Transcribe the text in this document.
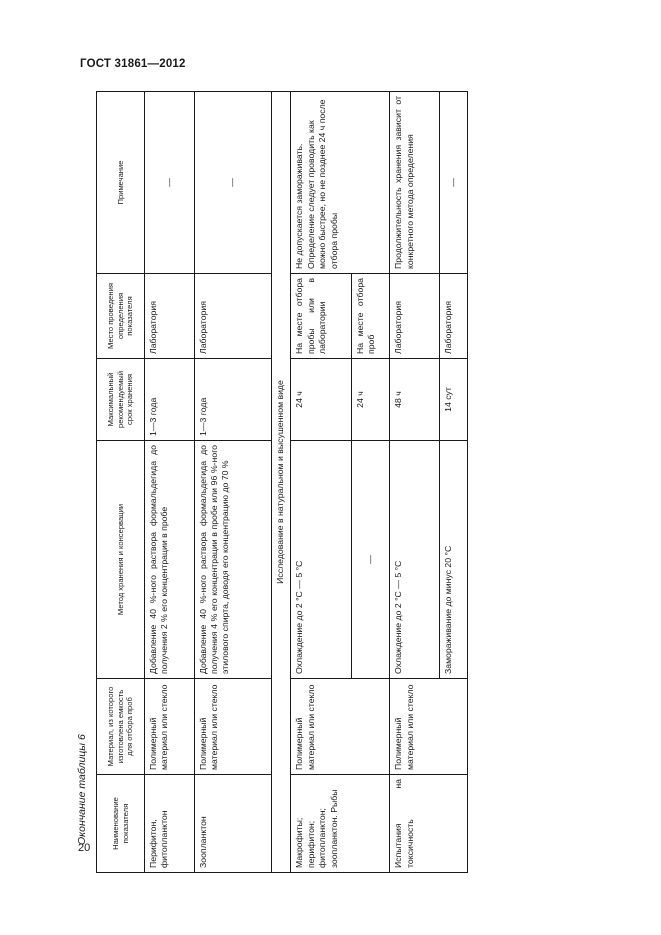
ГОСТ 31861—2012
20
Окончание таблицы 6	Наименование показателя	Материал, из которого изготовлена емкость для отбора проб	Метод хранения и консервации	Максимальный рекомендуемый срок хранения	Место проведения определения показателя	Примечание
Перифитон, фитопланктон	Полимерный материал или стекло	Добавление 40 %-ного раствора формальдегида до получения 2 % его концентрации в пробе	1—3 года	Лаборатория	—
Зоопланктон	Полимерный материал или стекло	Добавление 40 %-ного раствора формальдегида до получения 4 % его концентрации в пробе или 96 %-ного этилового спирта, доводя его концентрацию до 70 %	1—3 года	Лаборатория	—
Исследование в натуральном и высушенном виде					
Макрофиты; перифитон; фитопланктон; зоопланктон. Рыбы	Полимерный материал или стекло	Охлаждение до 2 °С — 5 °С	24 ч	На месте отбора пробы или в лаборатории	Не допускается замораживать. Определение следует проводить как можно быстрее, но не позднее 24 ч после отбора пробы
		—	24 ч	На месте отбора проб	
Испытания на токсичность	Полимерный материал или стекло	Охлаждение до 2 °С — 5 °С	48 ч	Лаборатория	Продолжительность хранения зависит от конкретного метода определения
		Замораживание до минус 20 °С	14 сут	Лаборатория	—
